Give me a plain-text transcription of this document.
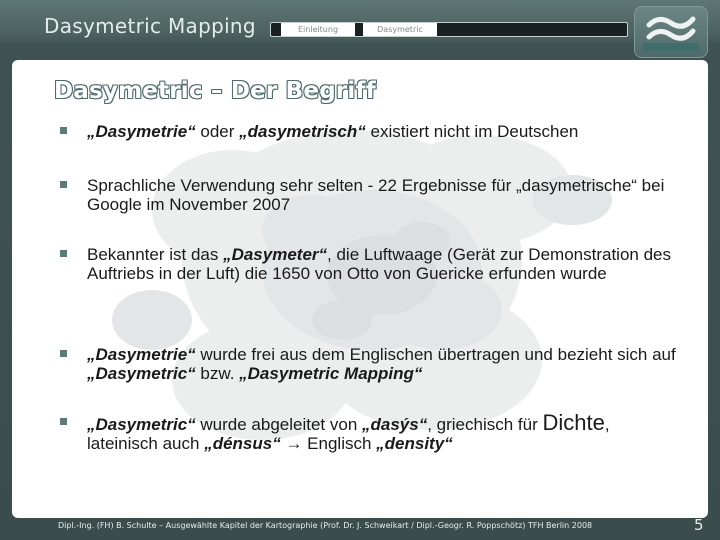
Dasymetric Mapping	Einleitung	Dasymetric
Dasymetric – Der Begriff
„Dasymetrie“ oder „dasymetrisch“ existiert nicht im Deutschen
Sprachliche Verwendung sehr selten - 22 Ergebnisse für „dasymetrische“ bei Google im November 2007
Bekannter ist das „Dasymeter“, die Luftwaage (Gerät zur Demonstration des Auftriebs in der Luft) die 1650 von Otto von Guericke erfunden wurde
„Dasymetrie“ wurde frei aus dem Englischen übertragen und bezieht sich auf „Dasymetric“ bzw. „Dasymetric Mapping“
„Dasymetric“ wurde abgeleitet von „dasýs“, griechisch für Dichte, lateinisch auch „dénsus“ → Englisch „density“
Dipl.-Ing. (FH) B. Schulte – Ausgewählte Kapitel der Kartographie (Prof. Dr. J. Schweikart / Dipl.-Geogr. R. Poppschötz) TFH Berlin 2008	5
